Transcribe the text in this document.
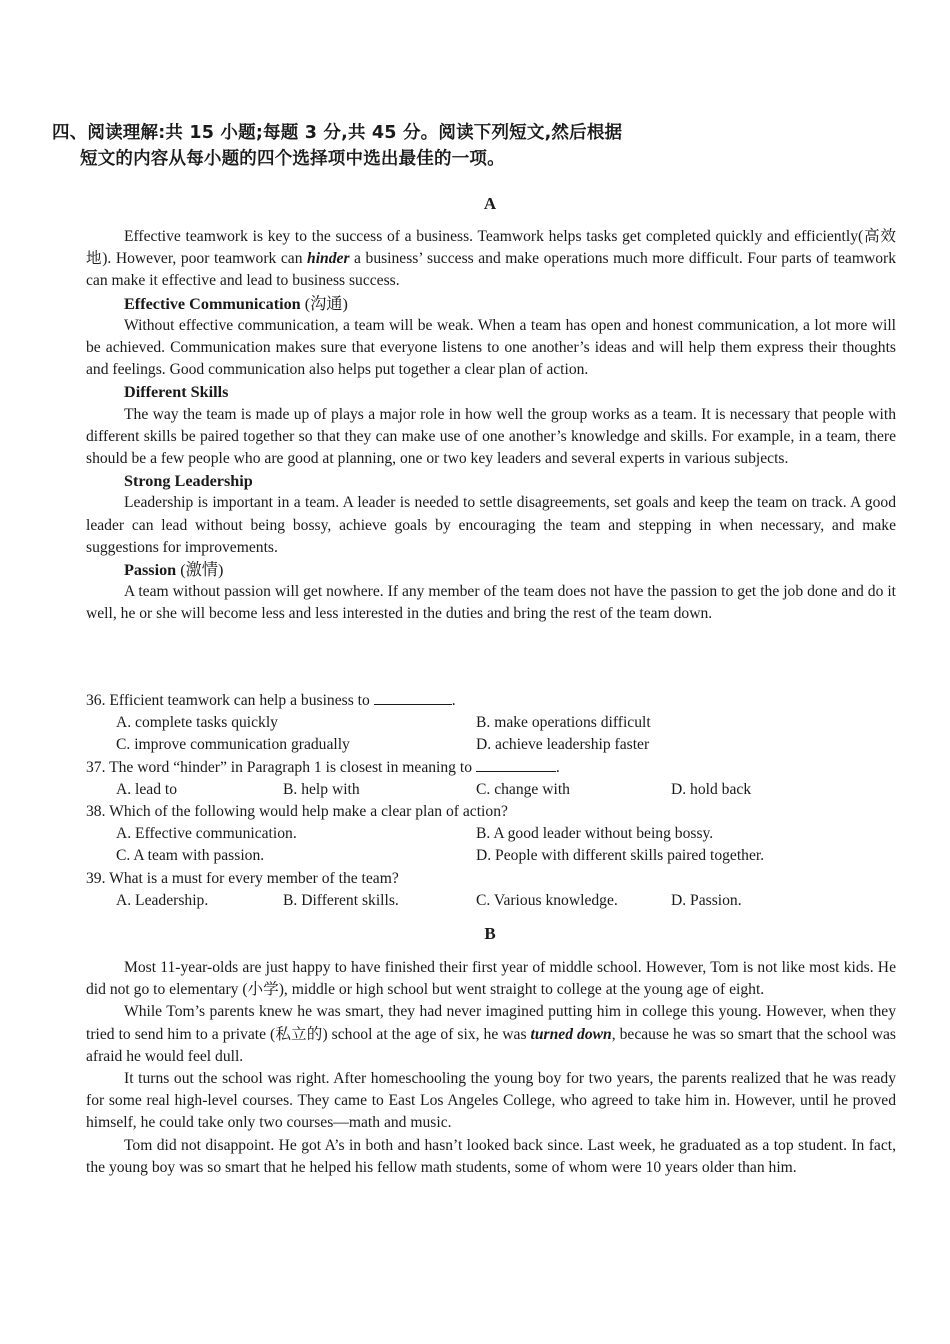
四、阅读理解:共 15 小题;每题 3 分,共 45 分。阅读下列短文,然后根据
短文的内容从每小题的四个选择项中选出最佳的一项。
A

Effective teamwork is key to the success of a business. Teamwork helps tasks get completed quickly and efficiently(高效地). However, poor teamwork can hinder a business’ success and make operations much more difficult. Four parts of teamwork can make it effective and lead to business success.

Effective Communication (沟通)

Without effective communication, a team will be weak. When a team has open and honest communication, a lot more will be achieved. Communication makes sure that everyone listens to one another’s ideas and will help them express their thoughts and feelings. Good communication also helps put together a clear plan of action.

Different Skills

The way the team is made up of plays a major role in how well the group works as a team. It is necessary that people with different skills be paired together so that they can make use of one another’s knowledge and skills. For example, in a team, there should be a few people who are good at planning, one or two key leaders and several experts in various subjects.

Strong Leadership

Leadership is important in a team. A leader is needed to settle disagreements, set goals and keep the team on track. A good leader can lead without being bossy, achieve goals by encouraging the team and stepping in when necessary, and make suggestions for improvements.

Passion (激情)

A team without passion will get nowhere. If any member of the team does not have the passion to get the job done and do it well, he or she will become less and less interested in the duties and bring the rest of the team down.

36. Efficient teamwork can help a business to	.
A. complete tasks quickly	B. make operations difficult
C. improve communication gradually	D. achieve leadership faster
37. The word “hinder” in Paragraph 1 is closest in meaning to	.
A. lead to	B. help with	C. change with	D. hold back
38. Which of the following would help make a clear plan of action?
A. Effective communication.	B. A good leader without being bossy.
C. A team with passion.	D. People with different skills paired together.
39. What is a must for every member of the team?
A. Leadership.	B. Different skills.	C. Various knowledge.	D. Passion.
B

Most 11-year-olds are just happy to have finished their first year of middle school. However, Tom is not like most kids. He did not go to elementary (小学), middle or high school but went straight to college at the young age of eight.

While Tom’s parents knew he was smart, they had never imagined putting him in college this young. However, when they tried to send him to a private (私立的) school at the age of six, he was turned down, because he was so smart that the school was afraid he would feel dull.

It turns out the school was right. After homeschooling the young boy for two years, the parents realized that he was ready for some real high-level courses. They came to East Los Angeles College, who agreed to take him in. However, until he proved himself, he could take only two courses—math and music.

Tom did not disappoint. He got A’s in both and hasn’t looked back since. Last week, he graduated as a top student. In fact, the young boy was so smart that he helped his fellow math students, some of whom were 10 years older than him.
